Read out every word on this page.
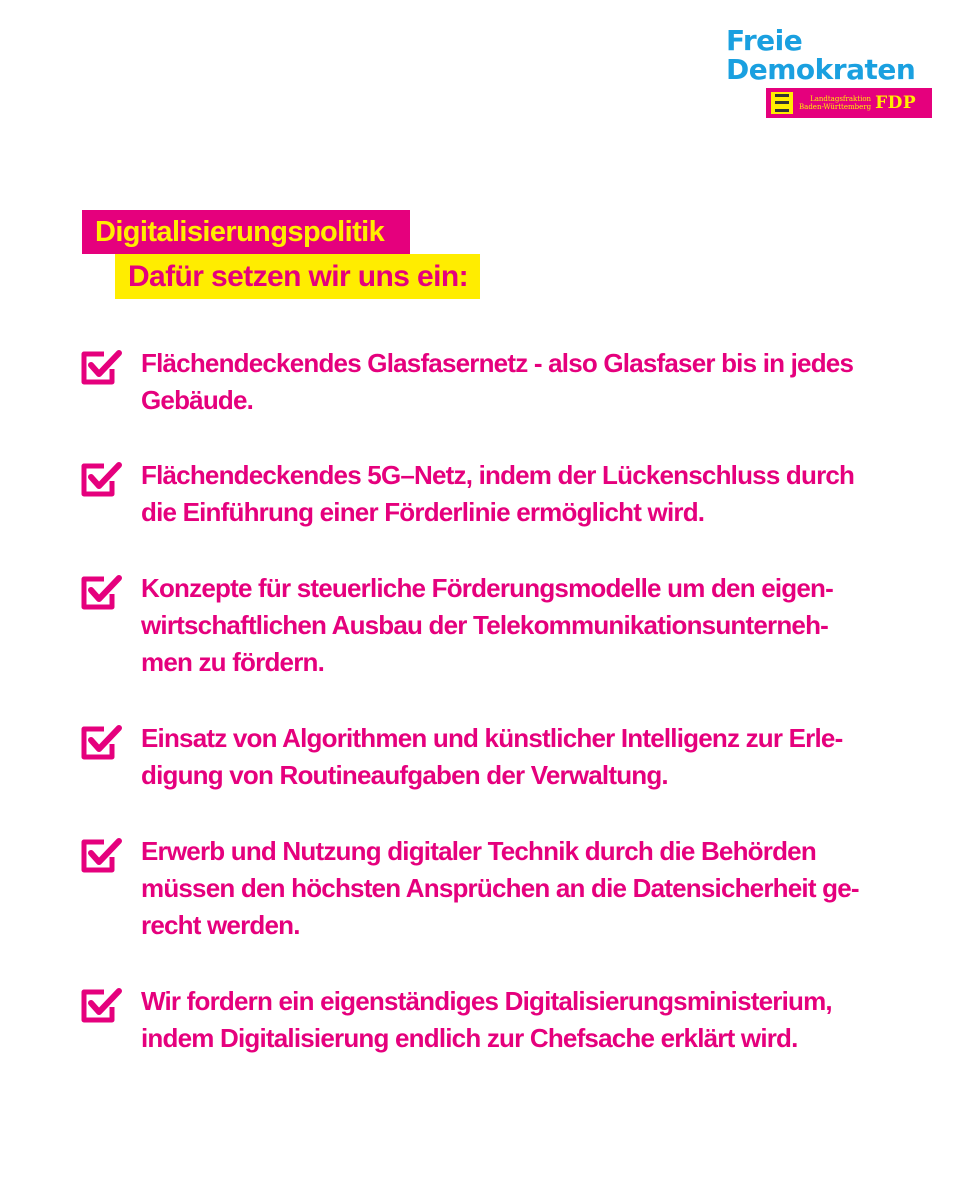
Freie
Demokraten
Landtagsfraktion
Baden-Württemberg FDP
Digitalisierungspolitik
Dafür setzen wir uns ein:
Flächendeckendes Glasfasernetz - also Glasfaser bis in jedes
Gebäude.
Flächendeckendes 5G–Netz, indem der Lückenschluss durch
die Einführung einer Förderlinie ermöglicht wird.
Konzepte für steuerliche Förderungsmodelle um den eigen-
wirtschaftlichen Ausbau der Telekommunikationsunterneh-
men zu fördern.
Einsatz von Algorithmen und künstlicher Intelligenz zur Erle-
digung von Routineaufgaben der Verwaltung.
Erwerb und Nutzung digitaler Technik durch die Behörden
müssen den höchsten Ansprüchen an die Datensicherheit ge-
recht werden.
Wir fordern ein eigenständiges Digitalisierungsministerium,
indem Digitalisierung endlich zur Chefsache erklärt wird.
